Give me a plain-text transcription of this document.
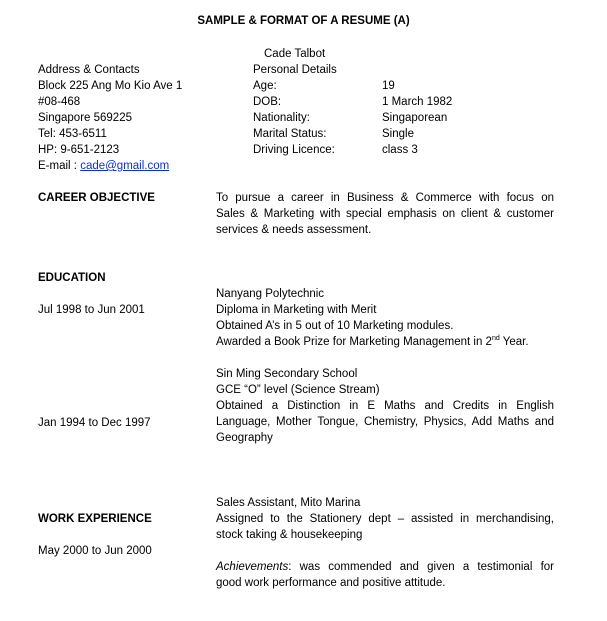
SAMPLE & FORMAT OF A RESUME (A)
Cade Talbot
Address & Contacts
Block 225 Ang Mo Kio Ave 1
#08-468
Singapore 569225
Tel: 453-6511
HP: 9-651-2123
E-mail : cade@gmail.com
Personal Details
Age:	19
DOB:	1 March 1982
Nationality:	Singaporean
Marital Status:	Single
Driving Licence:	class 3
CAREER OBJECTIVE	To pursue a career in Business & Commerce with focus on
Sales & Marketing with special emphasis on client & customer
services & needs assessment.
EDUCATION
Jul 1998 to Jun 2001
Nanyang Polytechnic
Diploma in Marketing with Merit
Obtained A’s in 5 out of 10 Marketing modules.
Awarded a Book Prize for Marketing Management in 2nd Year.
Jan 1994 to Dec 1997
Sin Ming Secondary School
GCE “O” level (Science Stream)
Obtained a Distinction in E Maths and Credits in English
Language, Mother Tongue, Chemistry, Physics, Add Maths and
Geography
WORK EXPERIENCE
May 2000 to Jun 2000
Sales Assistant, Mito Marina
Assigned to the Stationery dept – assisted in merchandising,
stock taking & housekeeping
Achievements: was commended and given a testimonial for
good work performance and positive attitude.
